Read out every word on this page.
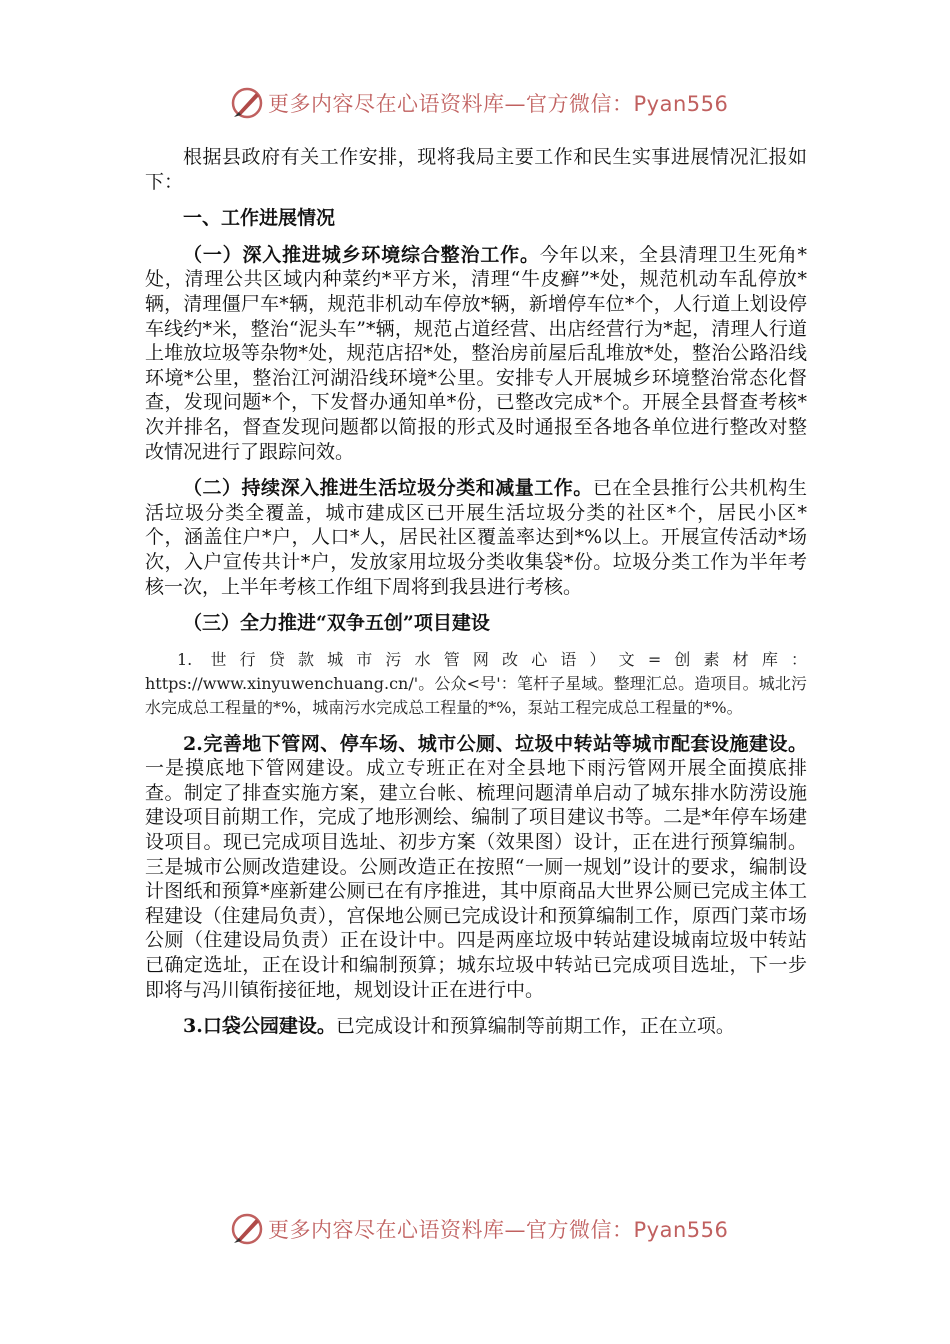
更多内容尽在心语资料库—官方微信：Pyan556

根据县政府有关工作安排，现将我局主要工作和民生实事进展情况汇报如下：

一、工作进展情况

（一）深入推进城乡环境综合整治工作。今年以来，全县清理卫生死角*处，清理公共区域内种菜约*平方米，清理“牛皮癣”*处，规范机动车乱停放*辆，清理僵尸车*辆，规范非机动车停放*辆，新增停车位*个，人行道上划设停车线约*米，整治“泥头车”*辆，规范占道经营、出店经营行为*起，清理人行道上堆放垃圾等杂物*处，规范店招*处，整治房前屋后乱堆放*处，整治公路沿线环境*公里，整治江河湖沿线环境*公里。安排专人开展城乡环境整治常态化督查，发现问题*个，下发督办通知单*份，已整改完成*个。开展全县督查考核*次并排名，督查发现问题都以简报的形式及时通报至各地各单位进行整改对整改情况进行了跟踪问效。

（二）持续深入推进生活垃圾分类和减量工作。已在全县推行公共机构生活垃圾分类全覆盖，城市建成区已开展生活垃圾分类的社区*个，居民小区*个，涵盖住户*户，人口*人，居民社区覆盖率达到*%以上。开展宣传活动*场次，入户宣传共计*户，发放家用垃圾分类收集袋*份。垃圾分类工作为半年考核一次，上半年考核工作组下周将到我县进行考核。

（三）全力推进“双争五创”项目建设

1. 世行贷款城市污水管网改心语）文=创素材库：https://www.xinyuwenchuang.cn/'。公众<号'：笔杆子星域。整理汇总。造项目。城北污水完成总工程量的*%，城南污水完成总工程量的*%，泵站工程完成总工程量的*%。

2.完善地下管网、停车场、城市公厕、垃圾中转站等城市配套设施建设。一是摸底地下管网建设。成立专班正在对全县地下雨污管网开展全面摸底排查。制定了排查实施方案，建立台帐、梳理问题清单启动了城东排水防涝设施建设项目前期工作，完成了地形测绘、编制了项目建议书等。二是*年停车场建设项目。现已完成项目选址、初步方案（效果图）设计，正在进行预算编制。三是城市公厕改造建设。公厕改造正在按照“一厕一规划”设计的要求，编制设计图纸和预算*座新建公厕已在有序推进，其中原商品大世界公厕已完成主体工程建设（住建局负责），宫保地公厕已完成设计和预算编制工作，原西门菜市场公厕（住建设局负责）正在设计中。四是两座垃圾中转站建设城南垃圾中转站已确定选址，正在设计和编制预算；城东垃圾中转站已完成项目选址，下一步即将与冯川镇衔接征地，规划设计正在进行中。

3.口袋公园建设。已完成设计和预算编制等前期工作，正在立项。

更多内容尽在心语资料库—官方微信：Pyan556
